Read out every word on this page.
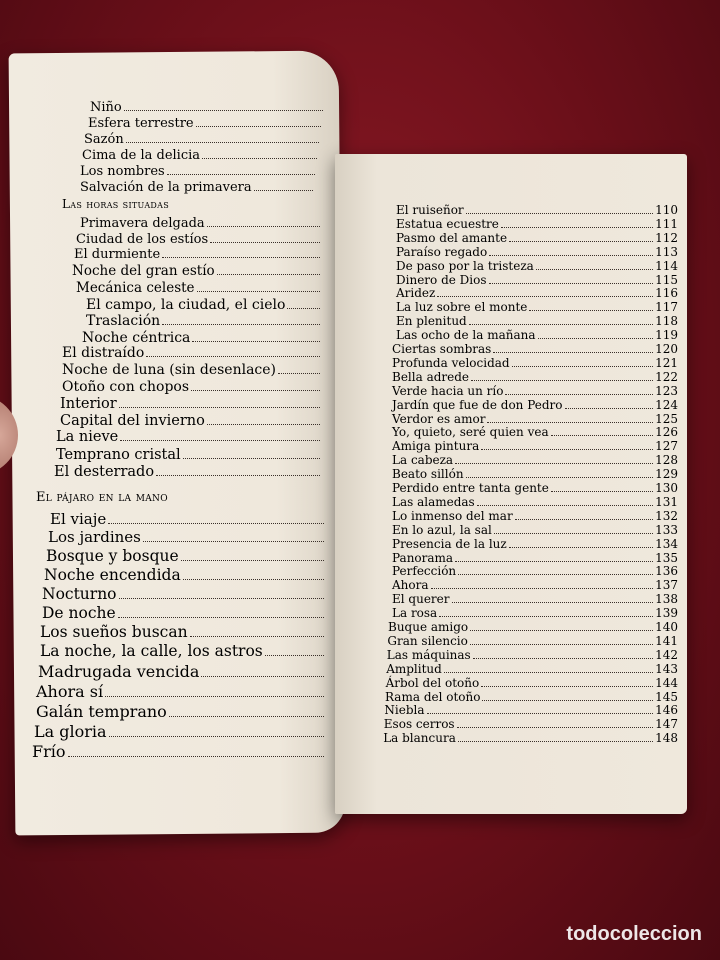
Niño
Esfera terrestre
Sazón
Cima de la delicia
Los nombres
Salvación de la primavera
Las horas situadas
Primavera delgada
Ciudad de los estíos
El durmiente
Noche del gran estío
Mecánica celeste
El campo, la ciudad, el cielo
Traslación
Noche céntrica
El distraído
Noche de luna (sin desenlace)
Otoño con chopos
Interior
Capital del invierno
La nieve
Temprano cristal
El desterrado
El pájaro en la mano
El viaje
Los jardines
Bosque y bosque
Noche encendida
Nocturno
De noche
Los sueños buscan
La noche, la calle, los astros
Madrugada vencida
Ahora sí
Galán temprano
La gloria
Frío
El ruiseñor	110
Estatua ecuestre	111
Pasmo del amante	112
Paraíso regado	113
De paso por la tristeza	114
Dinero de Dios	115
Aridez	116
La luz sobre el monte	117
En plenitud	118
Las ocho de la mañana	119
Ciertas sombras	120
Profunda velocidad	121
Bella adrede	122
Verde hacia un río	123
Jardín que fue de don Pedro	124
Verdor es amor	125
Yo, quieto, seré quien vea	126
Amiga pintura	127
La cabeza	128
Beato sillón	129
Perdido entre tanta gente	130
Las alamedas	131
Lo inmenso del mar	132
En lo azul, la sal	133
Presencia de la luz	134
Panorama	135
Perfección	136
Ahora	137
El querer	138
La rosa	139
Buque amigo	140
Gran silencio	141
Las máquinas	142
Amplitud	143
Árbol del otoño	144
Rama del otoño	145
Niebla	146
Esos cerros	147
La blancura	148
todocoleccion
